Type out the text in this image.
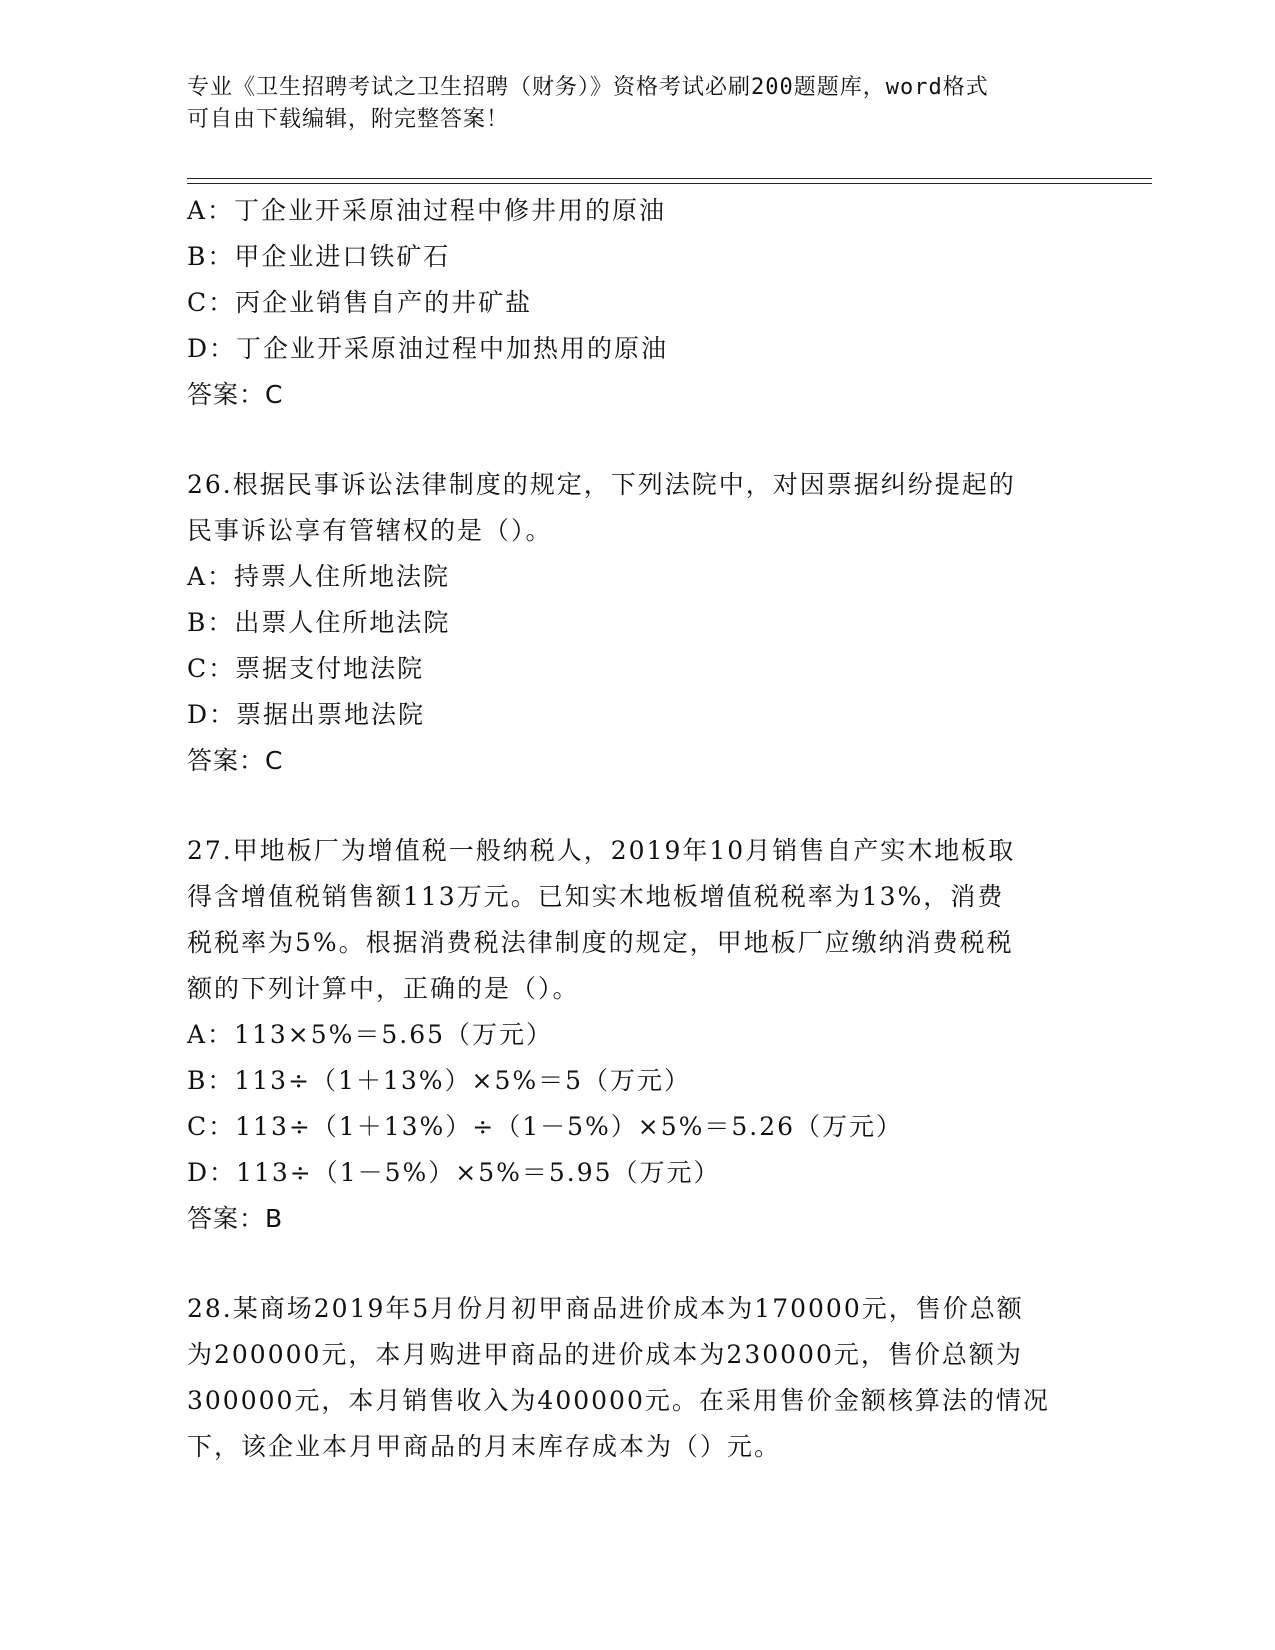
专业《卫生招聘考试之卫生招聘（财务）》资格考试必刷200题题库，word格式
可自由下载编辑，附完整答案！
A：丁企业开采原油过程中修井用的原油
B：甲企业进口铁矿石
C：丙企业销售自产的井矿盐
D：丁企业开采原油过程中加热用的原油
答案：C
26.根据民事诉讼法律制度的规定，下列法院中，对因票据纠纷提起的
民事诉讼享有管辖权的是（）。
A：持票人住所地法院
B：出票人住所地法院
C：票据支付地法院
D：票据出票地法院
答案：C
27.甲地板厂为增值税一般纳税人，2019年10月销售自产实木地板取
得含增值税销售额113万元。已知实木地板增值税税率为13%，消费
税税率为5%。根据消费税法律制度的规定，甲地板厂应缴纳消费税税
额的下列计算中，正确的是（）。
A：113×5%＝5.65（万元）
B：113÷（1＋13%）×5%＝5（万元）
C：113÷（1＋13%）÷（1－5%）×5%＝5.26（万元）
D：113÷（1－5%）×5%＝5.95（万元）
答案：B
28.某商场2019年5月份月初甲商品进价成本为170000元，售价总额
为200000元，本月购进甲商品的进价成本为230000元，售价总额为
300000元，本月销售收入为400000元。在采用售价金额核算法的情况
下，该企业本月甲商品的月末库存成本为（）元。
